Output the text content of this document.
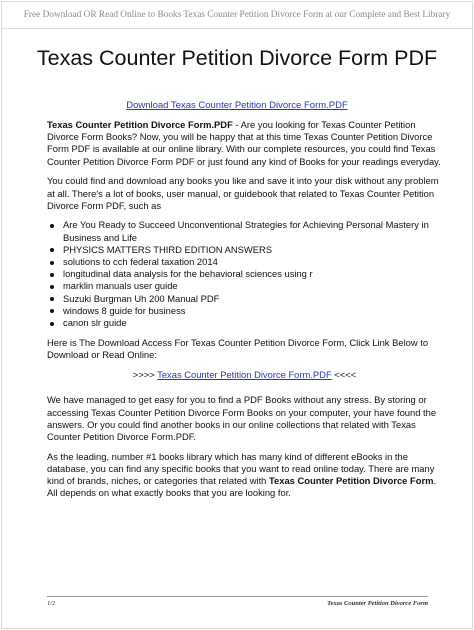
Free Download OR Read Online to Books Texas Counter Petition Divorce Form at our Complete and Best Library
Texas Counter Petition Divorce Form PDF
Download Texas Counter Petition Divorce Form.PDF

Texas Counter Petition Divorce Form.PDF - Are you looking for Texas Counter Petition Divorce Form Books? Now, you will be happy that at this time Texas Counter Petition Divorce Form PDF is available at our online library. With our complete resources, you could find Texas Counter Petition Divorce Form PDF or just found any kind of Books for your readings everyday.

You could find and download any books you like and save it into your disk without any problem at all. There's a lot of books, user manual, or guidebook that related to Texas Counter Petition Divorce Form PDF, such as

Are You Ready to Succeed Unconventional Strategies for Achieving Personal Mastery in Business and Life
PHYSICS MATTERS THIRD EDITION ANSWERS
solutions to cch federal taxation 2014
longitudinal data analysis for the behavioral sciences using r
marklin manuals user guide
Suzuki Burgman Uh 200 Manual PDF
windows 8 guide for business
canon slr guide

Here is The Download Access For Texas Counter Petition Divorce Form, Click Link Below to Download or Read Online:

>>>> Texas Counter Petition Divorce Form.PDF <<<<

We have managed to get easy for you to find a PDF Books without any stress. By storing or accessing Texas Counter Petition Divorce Form Books on your computer, your have found the answers. Or you could find another books in our online collections that related with Texas Counter Petition Divorce Form.PDF.

As the leading, number #1 books library which has many kind of different eBooks in the database, you can find any specific books that you want to read online today. There are many kind of brands, niches, or categories that related with Texas Counter Petition Divorce Form. All depends on what exactly books that you are looking for.

1/2	Texas Counter Petition Divorce Form
